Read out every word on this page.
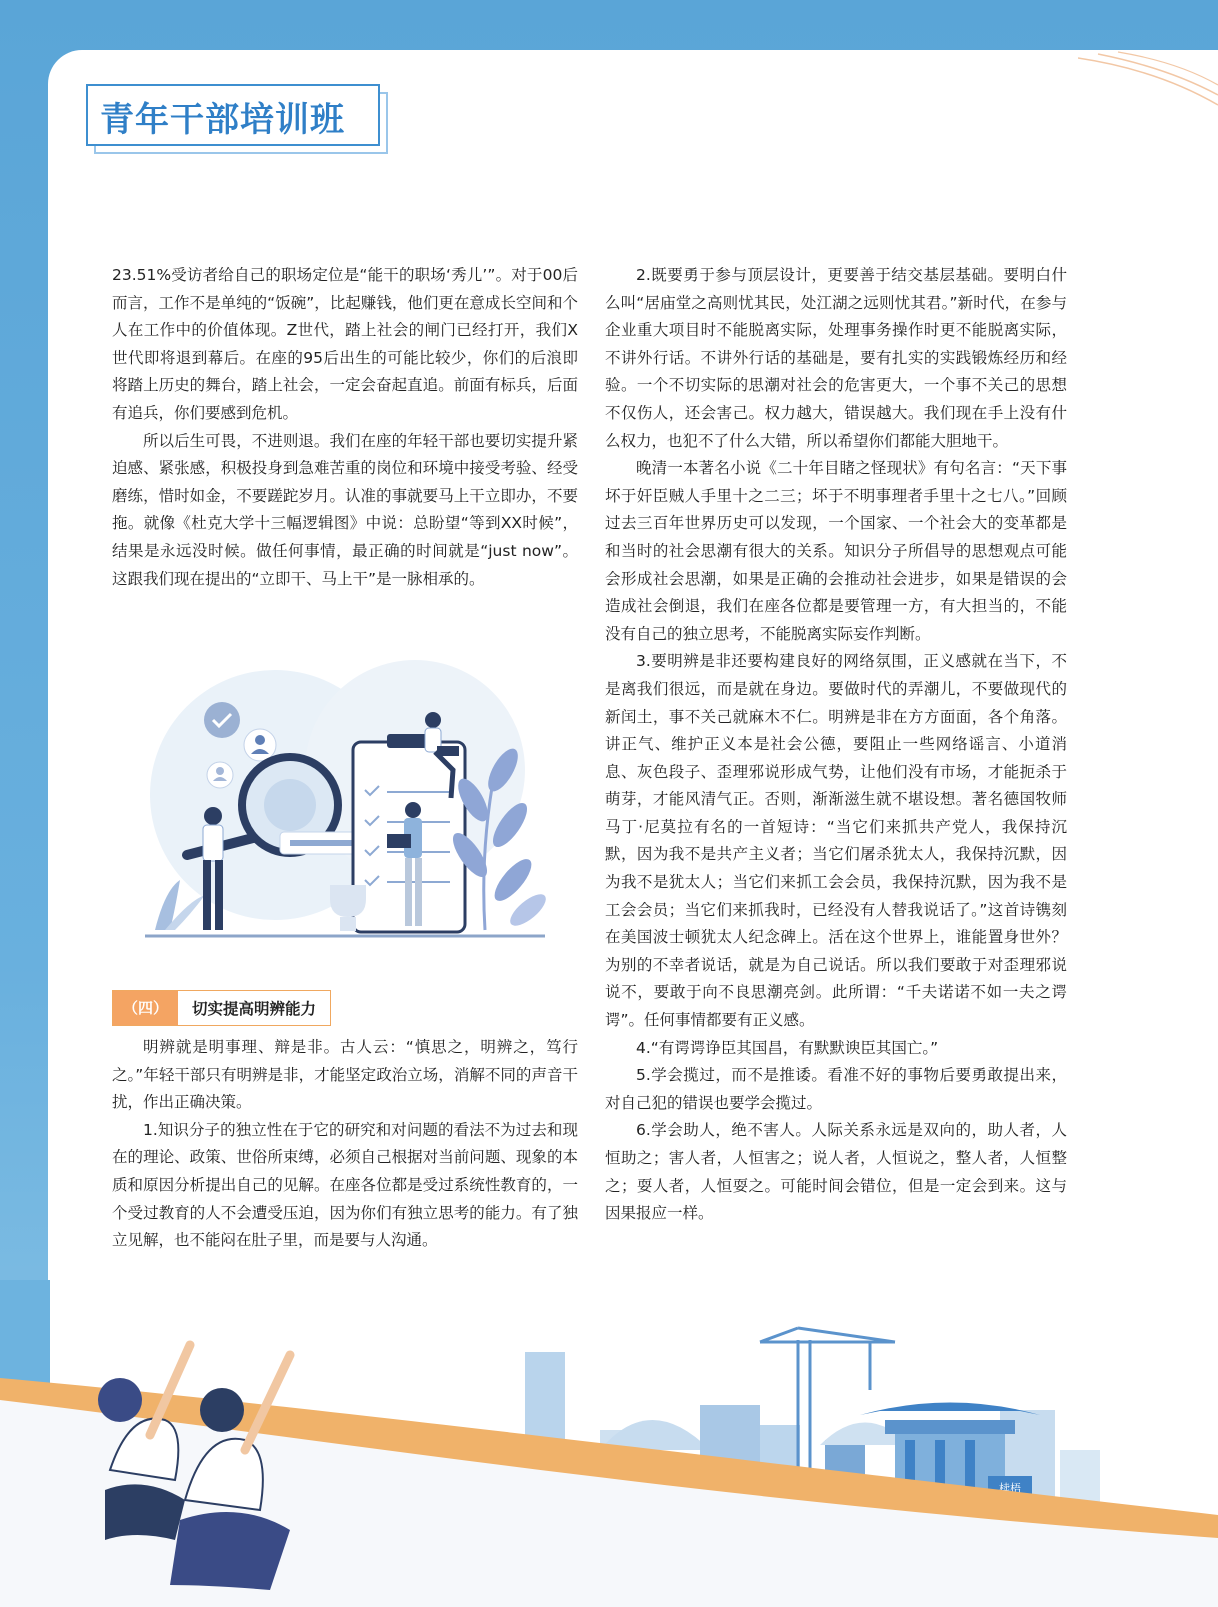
青年干部培训班

23.51%受访者给自己的职场定位是“能干的职场‘秀儿’”。对于00后而言，工作不是单纯的“饭碗”，比起赚钱，他们更在意成长空间和个人在工作中的价值体现。Z世代，踏上社会的闸门已经打开，我们X世代即将退到幕后。在座的95后出生的可能比较少，你们的后浪即将踏上历史的舞台，踏上社会，一定会奋起直追。前面有标兵，后面有追兵，你们要感到危机。

所以后生可畏，不进则退。我们在座的年轻干部也要切实提升紧迫感、紧张感，积极投身到急难苦重的岗位和环境中接受考验、经受磨练，惜时如金，不要蹉跎岁月。认准的事就要马上干立即办，不要拖。就像《杜克大学十三幅逻辑图》中说：总盼望“等到XX时候”，结果是永远没时候。做任何事情，最正确的时间就是“just now”。这跟我们现在提出的“立即干、马上干”是一脉相承的。

（四）	切实提高明辨能力

明辨就是明事理、辩是非。古人云：“慎思之，明辨之，笃行之。”年轻干部只有明辨是非，才能坚定政治立场，消解不同的声音干扰，作出正确决策。

1.知识分子的独立性在于它的研究和对问题的看法不为过去和现在的理论、政策、世俗所束缚，必须自己根据对当前问题、现象的本质和原因分析提出自己的见解。在座各位都是受过系统性教育的，一个受过教育的人不会遭受压迫，因为你们有独立思考的能力。有了独立见解，也不能闷在肚子里，而是要与人沟通。

2.既要勇于参与顶层设计，更要善于结交基层基础。要明白什么叫“居庙堂之高则忧其民，处江湖之远则忧其君。”新时代，在参与企业重大项目时不能脱离实际，处理事务操作时更不能脱离实际，不讲外行话。不讲外行话的基础是，要有扎实的实践锻炼经历和经验。一个不切实际的思潮对社会的危害更大，一个事不关己的思想不仅伤人，还会害己。权力越大，错误越大。我们现在手上没有什么权力，也犯不了什么大错，所以希望你们都能大胆地干。

晚清一本著名小说《二十年目睹之怪现状》有句名言：“天下事坏于奸臣贼人手里十之二三；坏于不明事理者手里十之七八。”回顾过去三百年世界历史可以发现，一个国家、一个社会大的变革都是和当时的社会思潮有很大的关系。知识分子所倡导的思想观点可能会形成社会思潮，如果是正确的会推动社会进步，如果是错误的会造成社会倒退，我们在座各位都是要管理一方，有大担当的，不能没有自己的独立思考，不能脱离实际妄作判断。

3.要明辨是非还要构建良好的网络氛围，正义感就在当下，不是离我们很远，而是就在身边。要做时代的弄潮儿，不要做现代的新闰土，事不关己就麻木不仁。明辨是非在方方面面，各个角落。讲正气、维护正义本是社会公德，要阻止一些网络谣言、小道消息、灰色段子、歪理邪说形成气势，让他们没有市场，才能扼杀于萌芽，才能风清气正。否则，渐渐滋生就不堪设想。著名德国牧师马丁·尼莫拉有名的一首短诗：“当它们来抓共产党人，我保持沉默，因为我不是共产主义者；当它们屠杀犹太人，我保持沉默，因为我不是犹太人；当它们来抓工会会员，我保持沉默，因为我不是工会会员；当它们来抓我时，已经没有人替我说话了。”这首诗镌刻在美国波士顿犹太人纪念碑上。活在这个世界上，谁能置身世外？为别的不幸者说话，就是为自己说话。所以我们要敢于对歪理邪说说不，要敢于向不良思潮亮剑。此所谓：“千夫诺诺不如一夫之谔谔”。任何事情都要有正义感。

4.“有谔谔诤臣其国昌，有默默谀臣其国亡。”

5.学会揽过，而不是推诿。看准不好的事物后要勇敢提出来，对自己犯的错误也要学会揽过。

6.学会助人，绝不害人。人际关系永远是双向的，助人者，人恒助之；害人者，人恒害之；说人者，人恒说之，整人者，人恒整之；耍人者，人恒耍之。可能时间会错位，但是一定会到来。这与因果报应一样。

椟梧
